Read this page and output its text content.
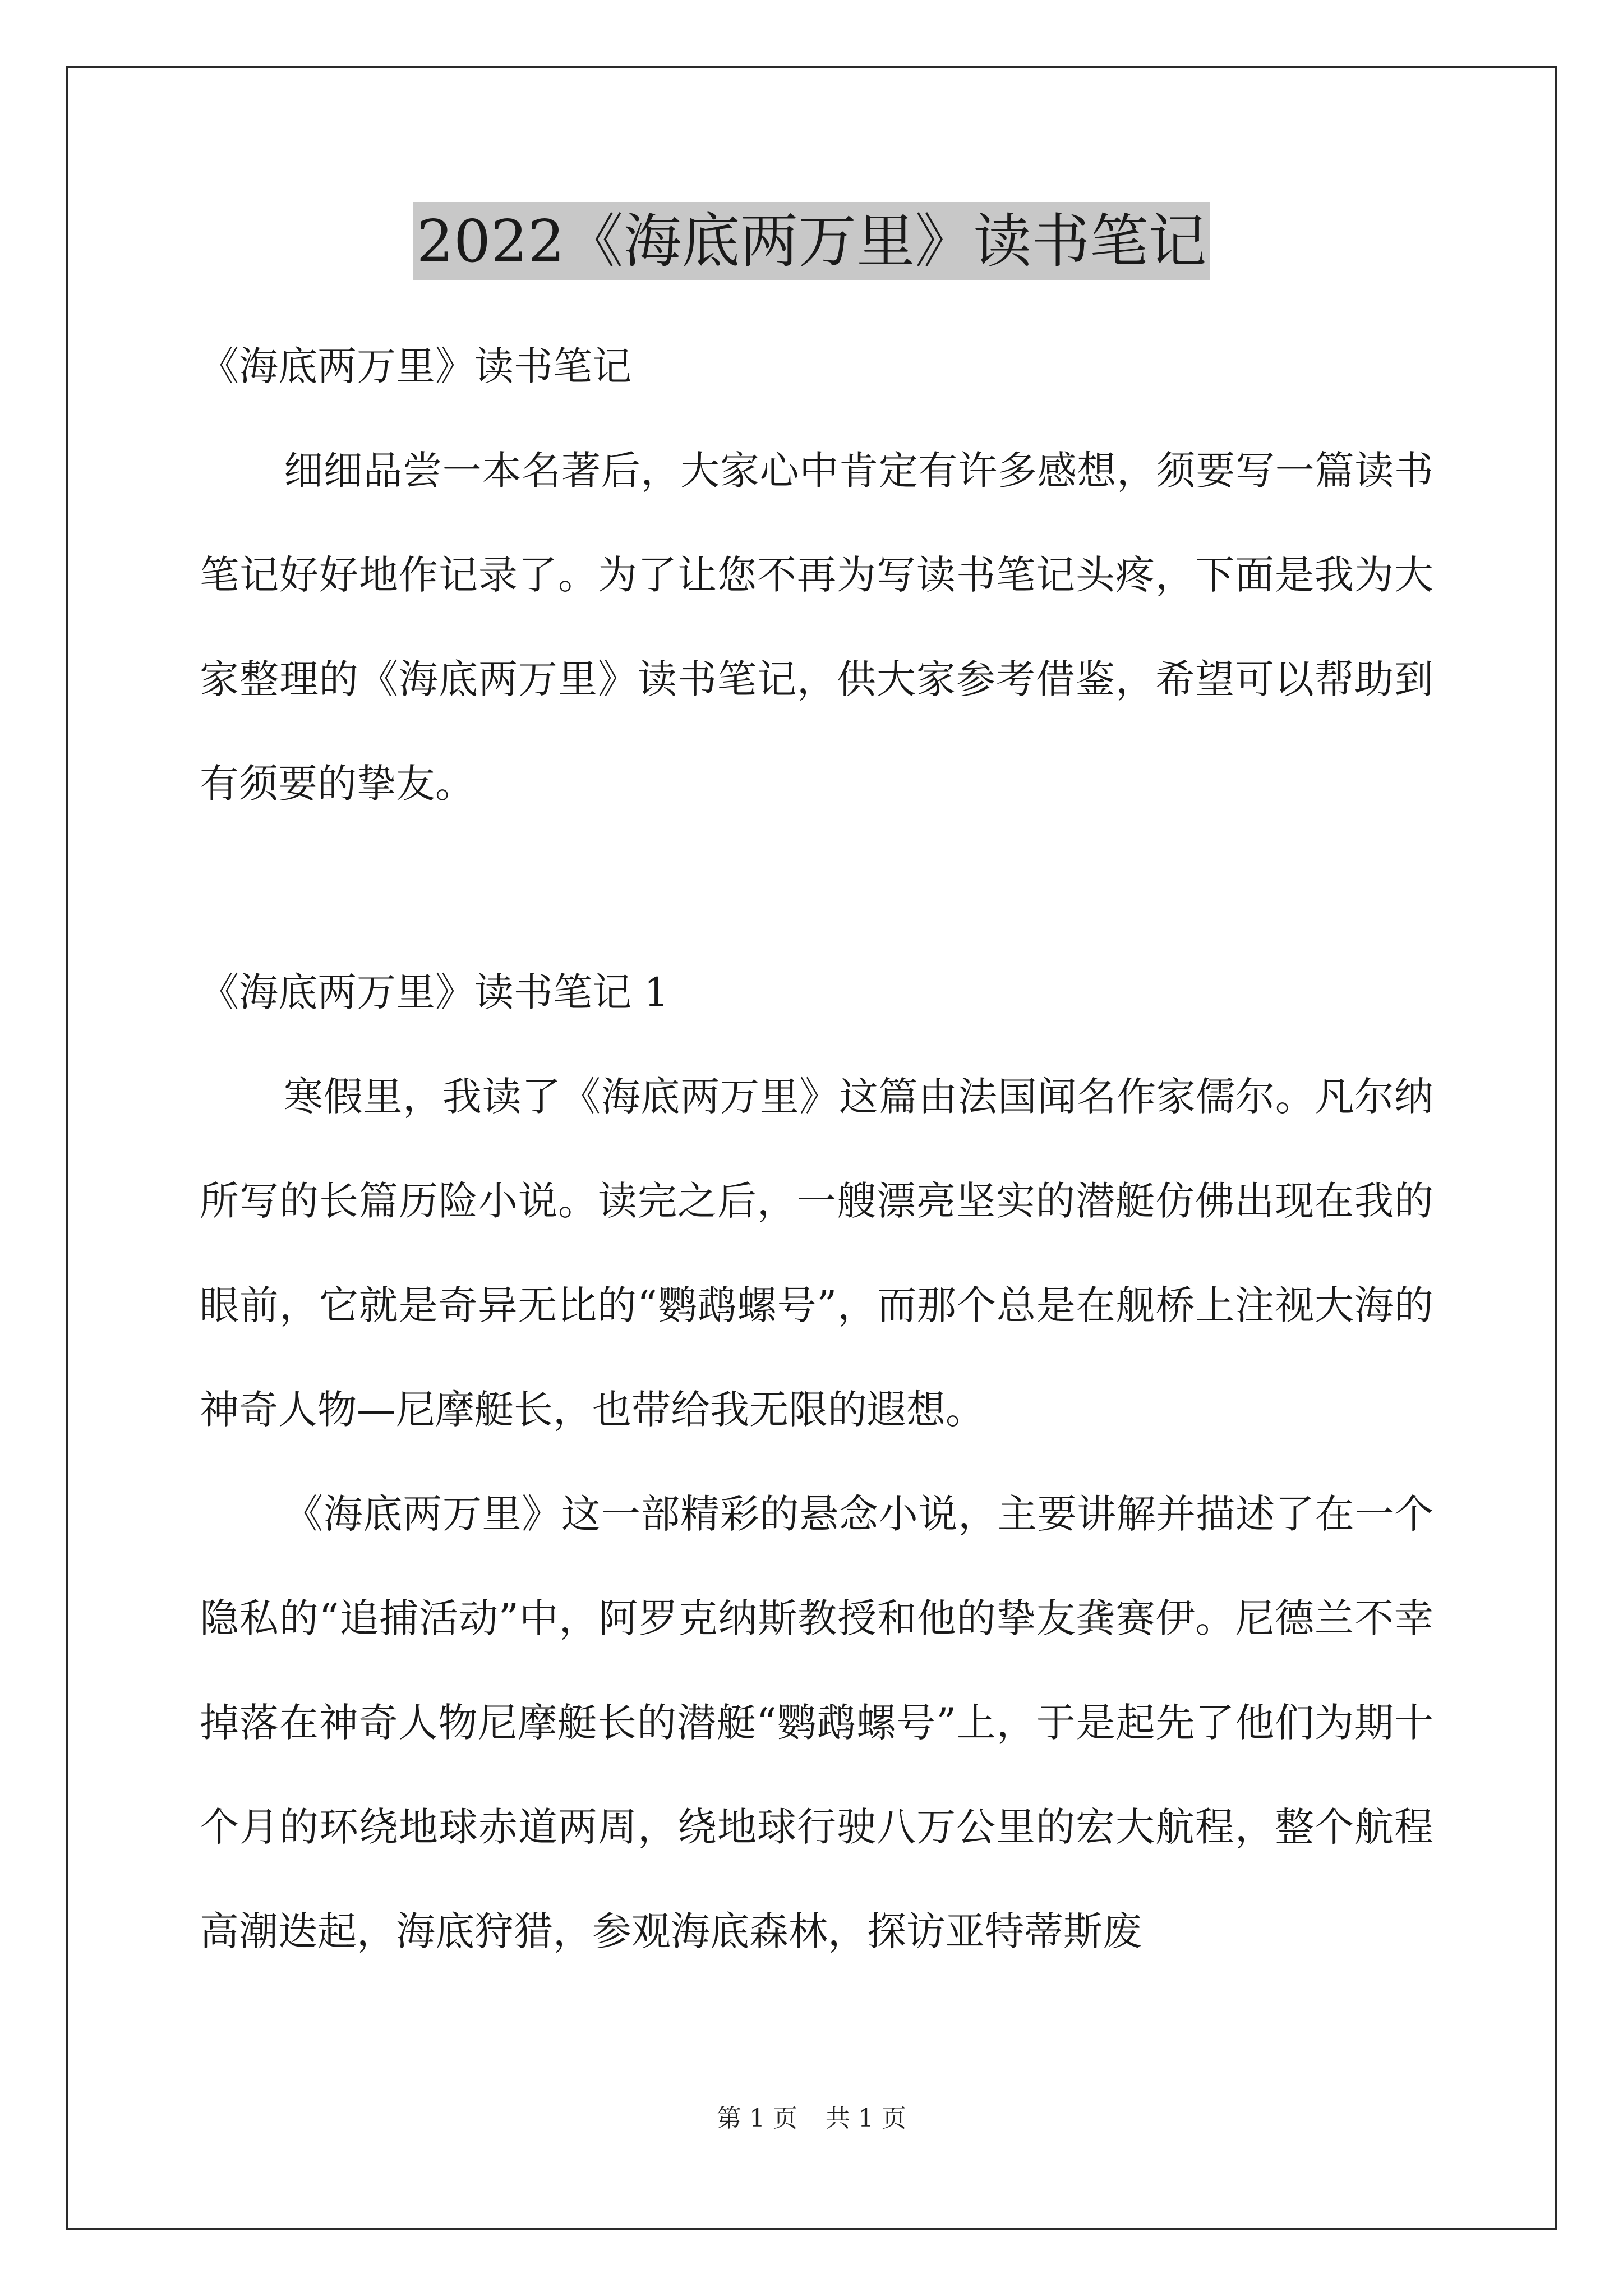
2022《海底两万里》读书笔记

《海底两万里》读书笔记

细细品尝一本名著后，大家心中肯定有许多感想，须要写一篇读书笔记好好地作记录了。为了让您不再为写读书笔记头疼，下面是我为大家整理的《海底两万里》读书笔记，供大家参考借鉴，希望可以帮助到有须要的挚友。

《海底两万里》读书笔记 1

寒假里，我读了《海底两万里》这篇由法国闻名作家儒尔。凡尔纳所写的长篇历险小说。读完之后，一艘漂亮坚实的潜艇仿佛出现在我的眼前，它就是奇异无比的“鹦鹉螺号”，而那个总是在舰桥上注视大海的神奇人物—尼摩艇长，也带给我无限的遐想。

《海底两万里》这一部精彩的悬念小说，主要讲解并描述了在一个隐私的“追捕活动”中，阿罗克纳斯教授和他的挚友龚赛伊。尼德兰不幸掉落在神奇人物尼摩艇长的潜艇“鹦鹉螺号”上，于是起先了他们为期十个月的环绕地球赤道两周，绕地球行驶八万公里的宏大航程，整个航程高潮迭起，海底狩猎，参观海底森林，探访亚特蒂斯废

第 1 页 共 1 页
